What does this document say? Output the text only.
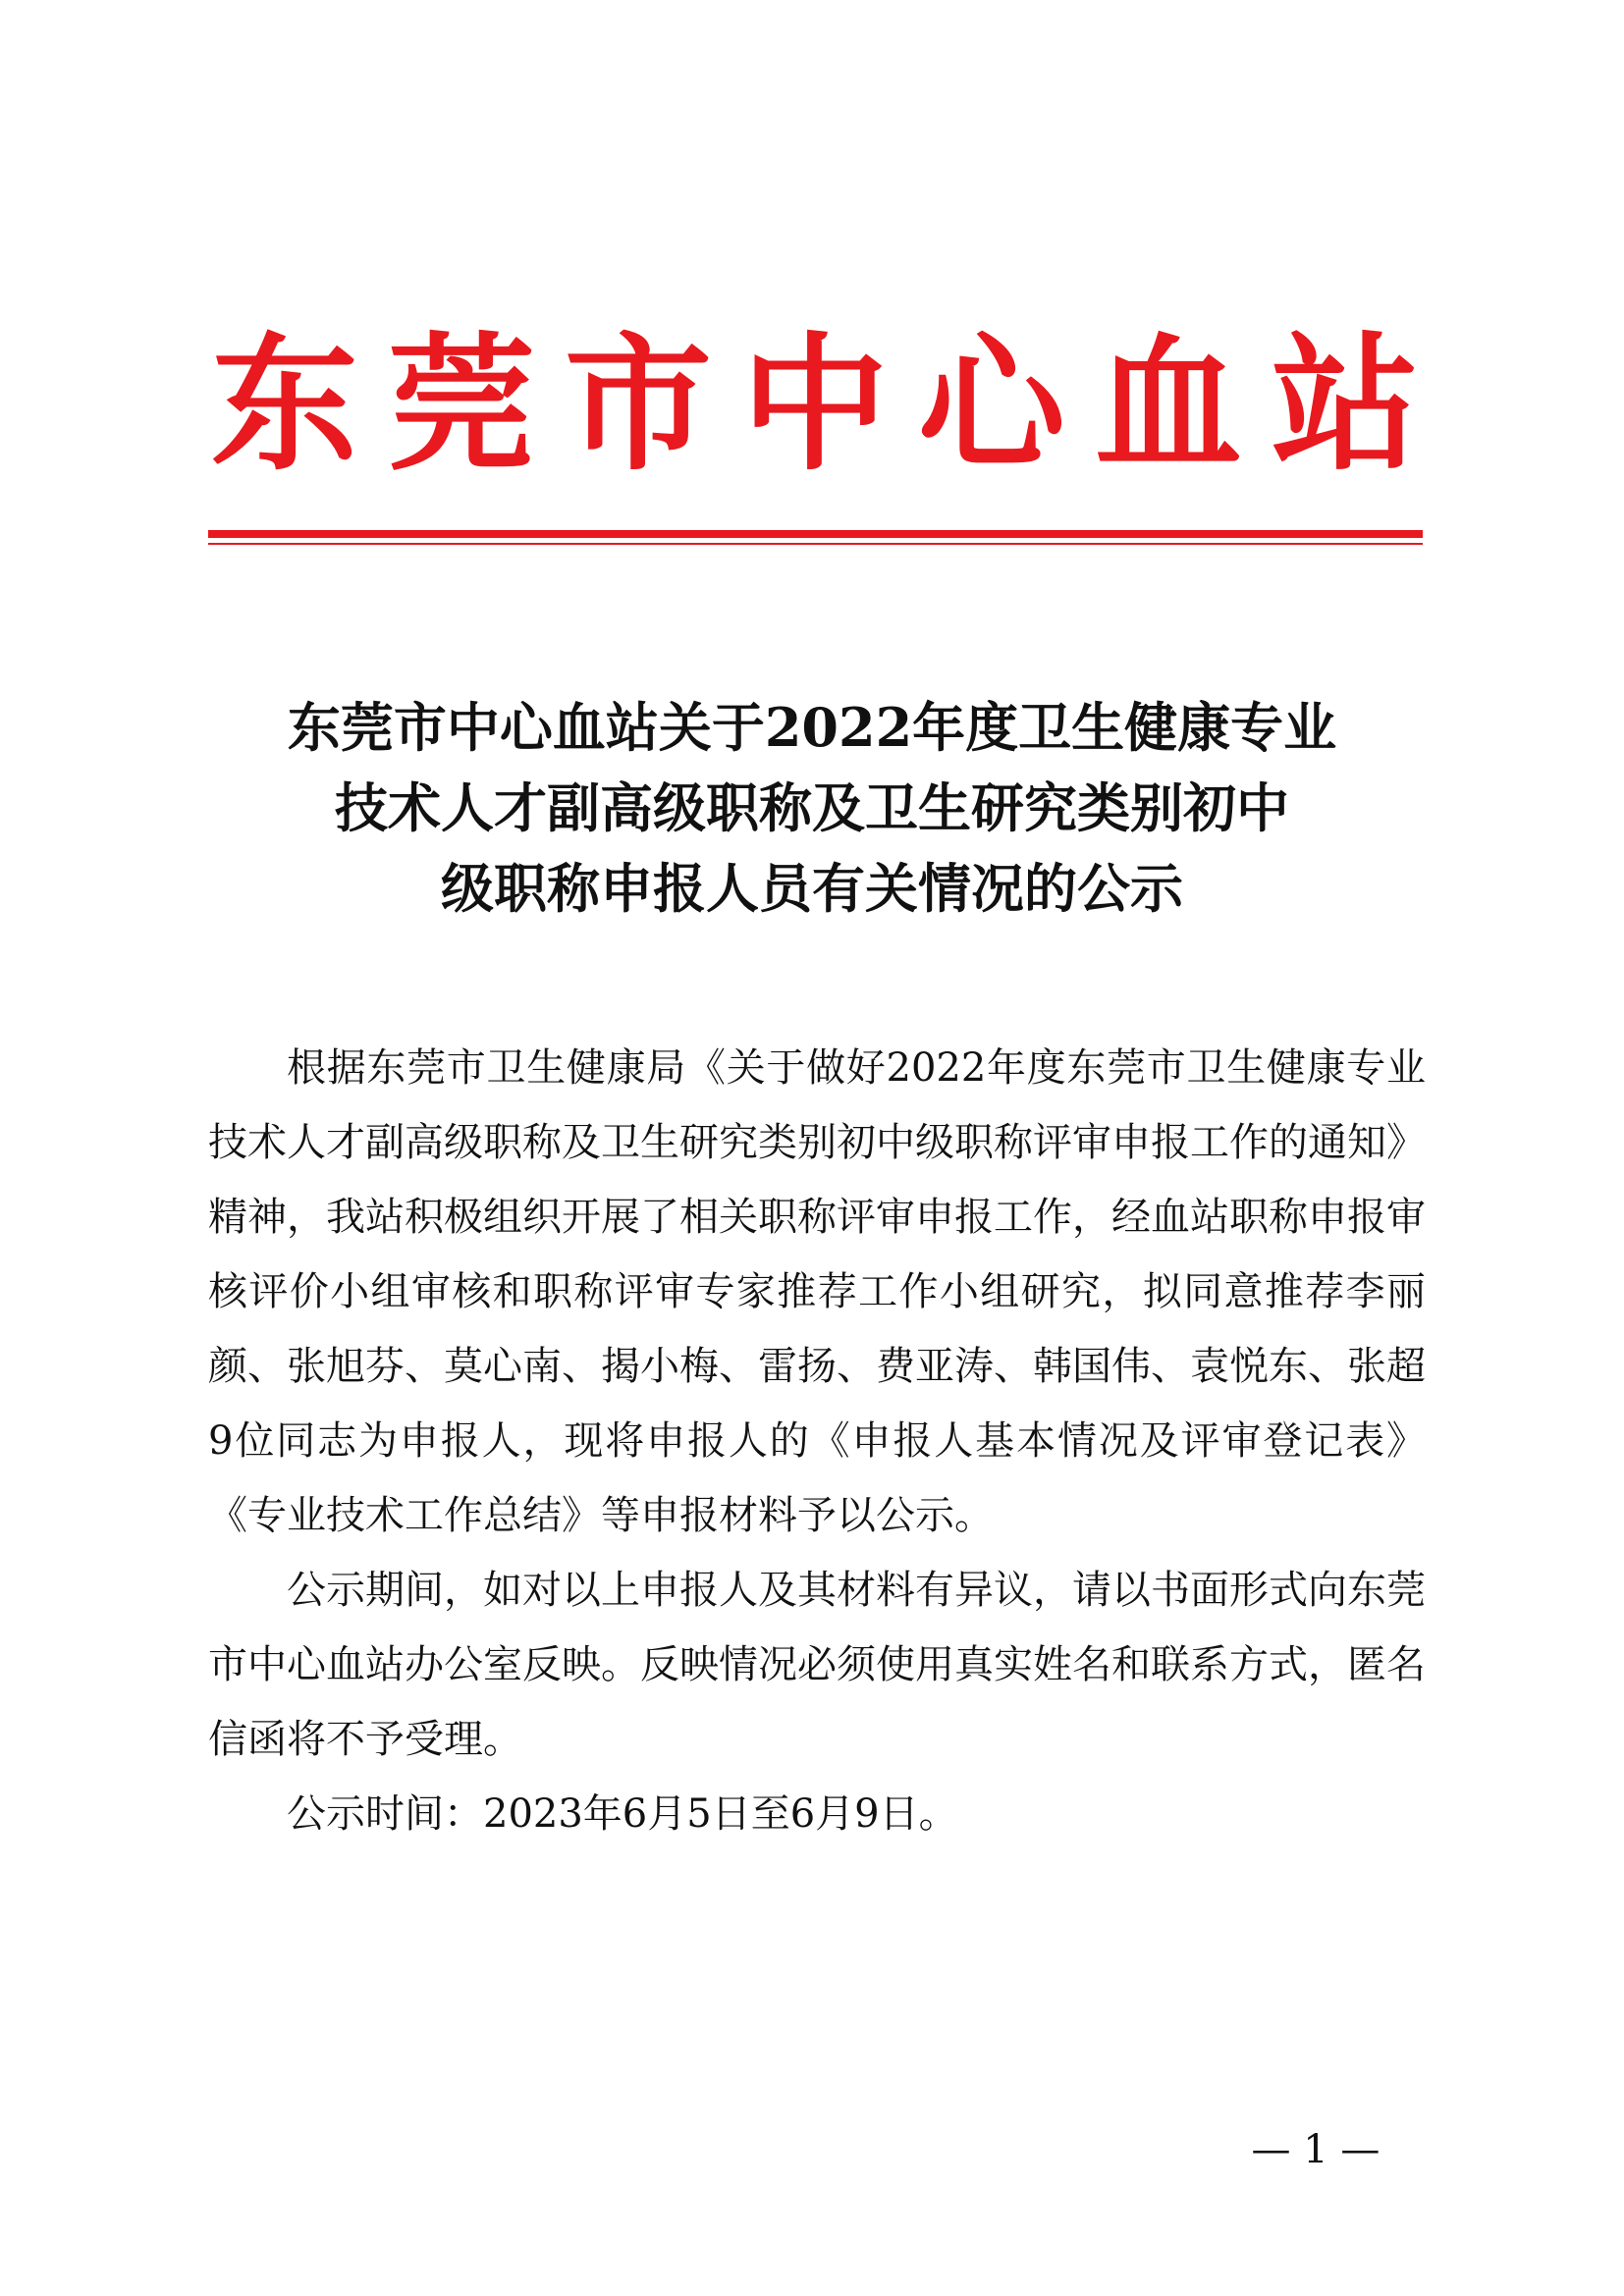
东莞市中心血站
东莞市中心血站关于2022年度卫生健康专业
技术人才副高级职称及卫生研究类别初中
级职称申报人员有关情况的公示

根据东莞市卫生健康局《关于做好2022年度东莞市卫生健康专业技术人才副高级职称及卫生研究类别初中级职称评审申报工作的通知》精神，我站积极组织开展了相关职称评审申报工作，经血站职称申报审核评价小组审核和职称评审专家推荐工作小组研究，拟同意推荐李丽颜、张旭芬、莫心南、揭小梅、雷扬、费亚涛、韩国伟、袁悦东、张超9位同志为申报人，现将申报人的《申报人基本情况及评审登记表》《专业技术工作总结》等申报材料予以公示。

公示期间，如对以上申报人及其材料有异议，请以书面形式向东莞市中心血站办公室反映。反映情况必须使用真实姓名和联系方式，匿名信函将不予受理。

公示时间：2023年6月5日至6月9日。

— 1 —
